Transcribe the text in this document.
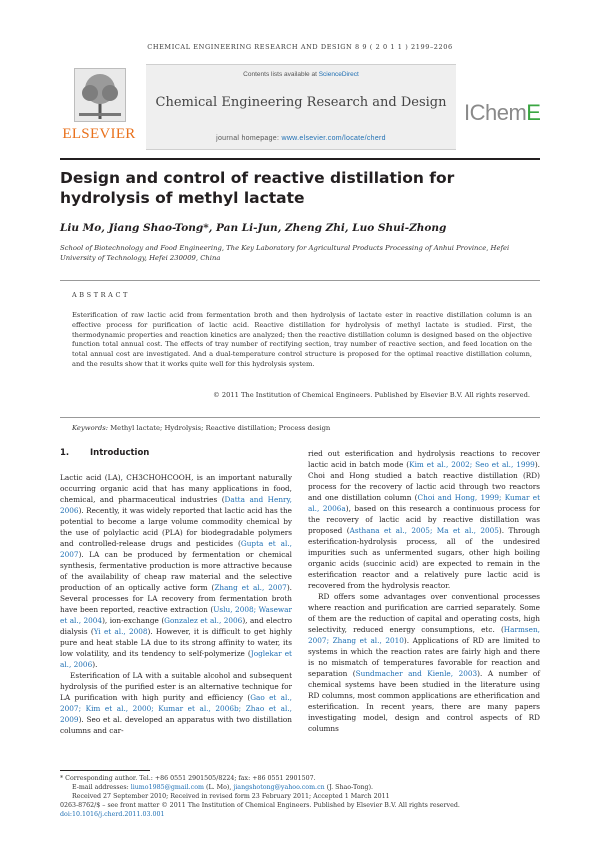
CHEMICAL ENGINEERING RESEARCH AND DESIGN 8 9 ( 2 0 1 1 ) 2199–2206
ELSEVIER
Contents lists available at ScienceDirect
Chemical Engineering Research and Design
journal homepage: www.elsevier.com/locate/cherd
IChemE
Design and control of reactive distillation for hydrolysis of methyl lactate
Liu Mo, Jiang Shao-Tong*, Pan Li-Jun, Zheng Zhi, Luo Shui-Zhong
School of Biotechnology and Food Engineering, The Key Laboratory for Agricultural Products Processing of Anhui Province, Hefei University of Technology, Hefei 230009, China
ABSTRACT
Esterification of raw lactic acid from fermentation broth and then hydrolysis of lactate ester in reactive distillation column is an effective process for purification of lactic acid. Reactive distillation for hydrolysis of methyl lactate is studied. First, the thermodynamic properties and reaction kinetics are analyzed; then the reactive distillation column is designed based on the objective function total annual cost. The effects of tray number of rectifying section, tray number of reactive section, and feed location on the total annual cost are investigated. And a dual-temperature control structure is proposed for the optimal reactive distillation column, and the results show that it works quite well for this hydrolysis system.
© 2011 The Institution of Chemical Engineers. Published by Elsevier B.V. All rights reserved.
Keywords: Methyl lactate; Hydrolysis; Reactive distillation; Process design
1. Introduction

Lactic acid (LA), CH3CHOHCOOH, is an important naturally occurring organic acid that has many applications in food, chemical, and pharmaceutical industries (Datta and Henry, 2006). Recently, it was widely reported that lactic acid has the potential to become a large volume commodity chemical by the use of polylactic acid (PLA) for biodegradable polymers and controlled-release drugs and pesticides (Gupta et al., 2007). LA can be produced by fermentation or chemical synthesis, fermentative production is more attractive because of the availability of cheap raw material and the selective production of an optically active form (Zhang et al., 2007). Several processes for LA recovery from fermentation broth have been reported, reactive extraction (Uslu, 2008; Wasewar et al., 2004), ion-exchange (Gonzalez et al., 2006), and electro dialysis (Yi et al., 2008). However, it is difficult to get highly pure and heat stable LA due to its strong affinity to water, its low volatility, and its tendency to self-polymerize (Joglekar et al., 2006).

Esterification of LA with a suitable alcohol and subsequent hydrolysis of the purified ester is an alternative technique for LA purification with high purity and efficiency (Gao et al., 2007; Kim et al., 2000; Kumar et al., 2006b; Zhao et al., 2009). Seo et al. developed an apparatus with two distillation columns and car-

ried out esterification and hydrolysis reactions to recover lactic acid in batch mode (Kim et al., 2002; Seo et al., 1999). Choi and Hong studied a batch reactive distillation (RD) process for the recovery of lactic acid through two reactors and one distillation column (Choi and Hong, 1999; Kumar et al., 2006a), based on this research a continuous process for the recovery of lactic acid by reactive distillation was proposed (Asthana et al., 2005; Ma et al., 2005). Through esterification-hydrolysis process, all of the undesired impurities such as unfermented sugars, other high boiling organic acids (succinic acid) are expected to remain in the esterification reactor and a relatively pure lactic acid is recovered from the hydrolysis reactor.

RD offers some advantages over conventional processes where reaction and purification are carried separately. Some of them are the reduction of capital and operating costs, high selectivity, reduced energy consumptions, etc. (Harmsen, 2007; Zhang et al., 2010). Applications of RD are limited to systems in which the reaction rates are fairly high and there is no mismatch of temperatures favorable for reaction and separation (Sundmacher and Kienle, 2003). A number of chemical systems have been studied in the literature using RD columns, most common applications are etherification and esterification. In recent years, there are many papers investigating model, design and control aspects of RD columns

* Corresponding author. Tel.: +86 0551 2901505/8224; fax: +86 0551 2901507.
E-mail addresses: liumo1985@gmail.com (L. Mo), jiangshotong@yahoo.com.cn (J. Shao-Tong).
Received 27 September 2010; Received in revised form 23 February 2011; Accepted 1 March 2011
0263-8762/$ – see front matter © 2011 The Institution of Chemical Engineers. Published by Elsevier B.V. All rights reserved.
doi:10.1016/j.cherd.2011.03.001
